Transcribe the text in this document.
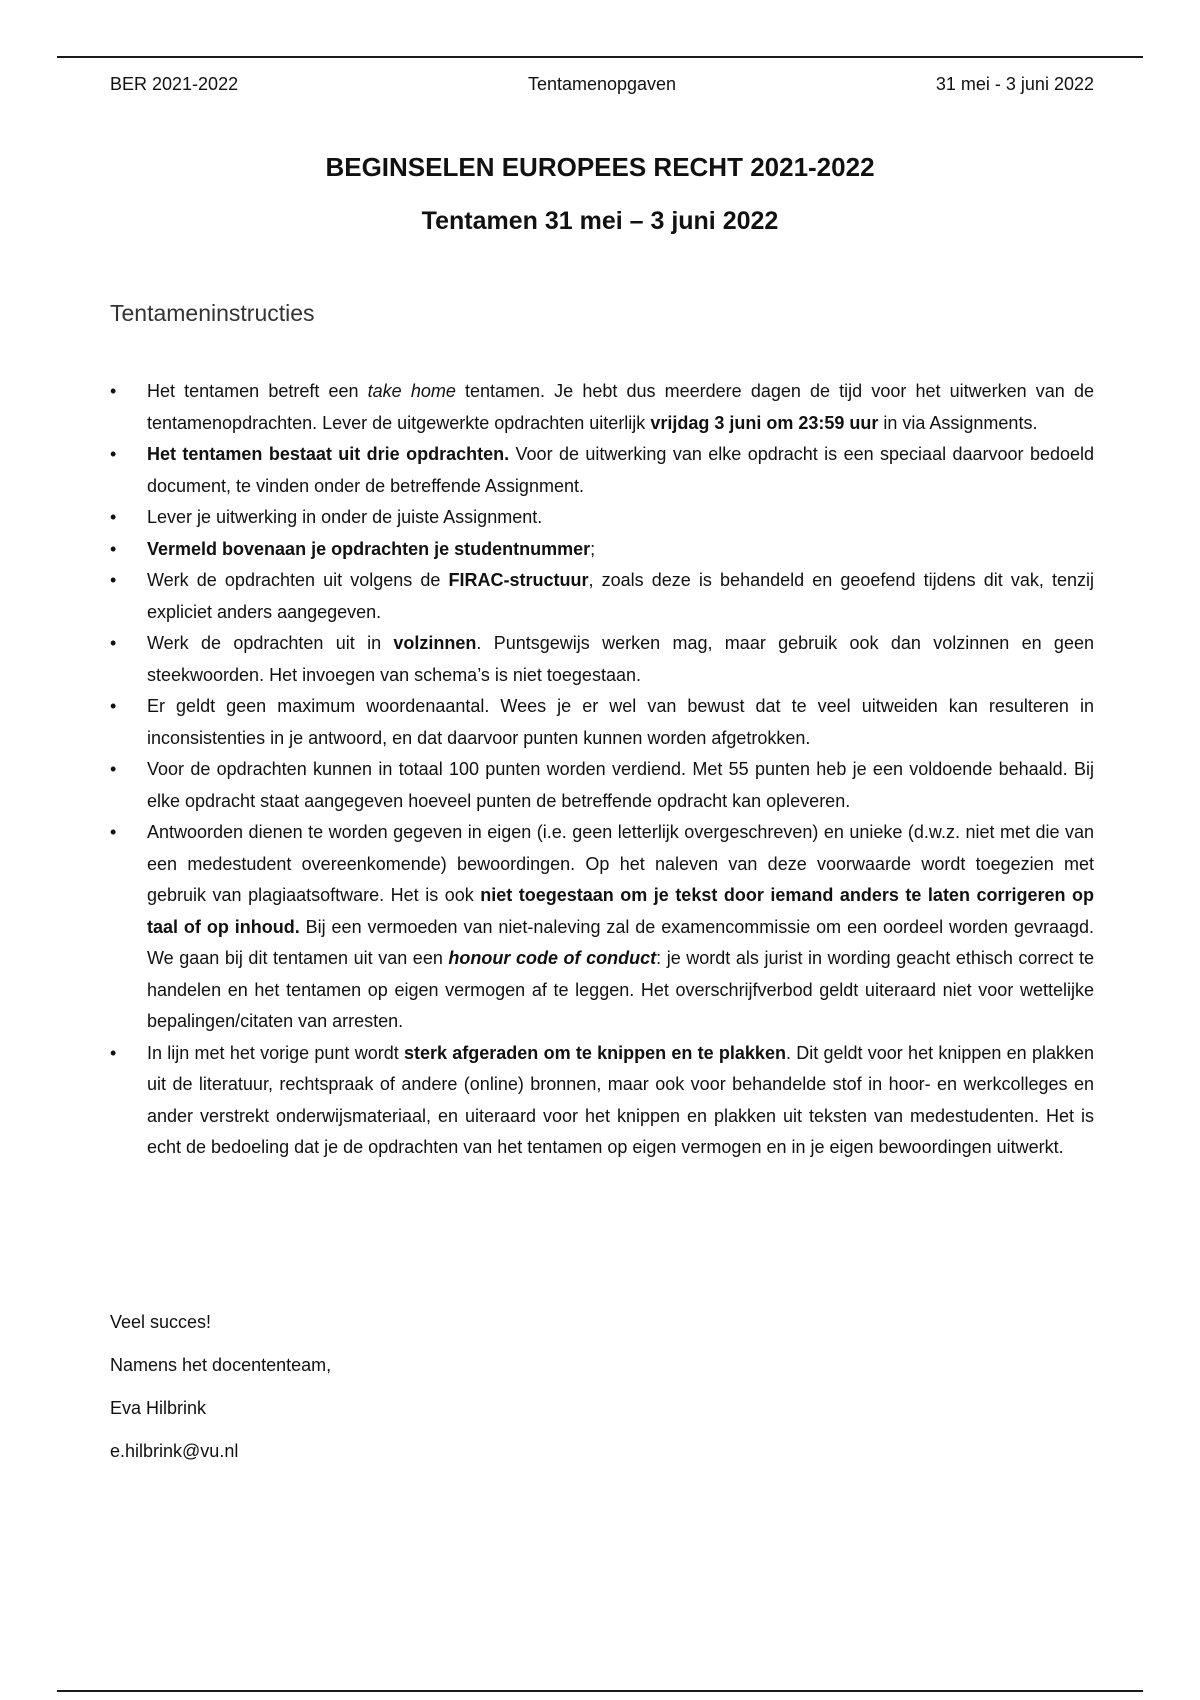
BER 2021-2022	Tentamenopgaven	31 mei - 3 juni 2022
BEGINSELEN EUROPEES RECHT 2021-2022
Tentamen 31 mei – 3 juni 2022
Tentameninstructies
• Het tentamen betreft een take home tentamen. Je hebt dus meerdere dagen de tijd voor het uitwerken van de tentamenopdrachten. Lever de uitgewerkte opdrachten uiterlijk vrijdag 3 juni om 23:59 uur in via Assignments.
• Het tentamen bestaat uit drie opdrachten. Voor de uitwerking van elke opdracht is een speciaal daarvoor bedoeld document, te vinden onder de betreffende Assignment.
• Lever je uitwerking in onder de juiste Assignment.
• Vermeld bovenaan je opdrachten je studentnummer;
• Werk de opdrachten uit volgens de FIRAC-structuur, zoals deze is behandeld en geoefend tijdens dit vak, tenzij expliciet anders aangegeven.
• Werk de opdrachten uit in volzinnen. Puntsgewijs werken mag, maar gebruik ook dan volzinnen en geen steekwoorden. Het invoegen van schema’s is niet toegestaan.
• Er geldt geen maximum woordenaantal. Wees je er wel van bewust dat te veel uitweiden kan resulteren in inconsistenties in je antwoord, en dat daarvoor punten kunnen worden afgetrokken.
• Voor de opdrachten kunnen in totaal 100 punten worden verdiend. Met 55 punten heb je een voldoende behaald. Bij elke opdracht staat aangegeven hoeveel punten de betreffende opdracht kan opleveren.
• Antwoorden dienen te worden gegeven in eigen (i.e. geen letterlijk overgeschreven) en unieke (d.w.z. niet met die van een medestudent overeenkomende) bewoordingen. Op het naleven van deze voorwaarde wordt toegezien met gebruik van plagiaatsoftware. Het is ook niet toegestaan om je tekst door iemand anders te laten corrigeren op taal of op inhoud. Bij een vermoeden van niet-naleving zal de examencommissie om een oordeel worden gevraagd. We gaan bij dit tentamen uit van een honour code of conduct: je wordt als jurist in wording geacht ethisch correct te handelen en het tentamen op eigen vermogen af te leggen. Het overschrijfverbod geldt uiteraard niet voor wettelijke bepalingen/citaten van arresten.
• In lijn met het vorige punt wordt sterk afgeraden om te knippen en te plakken. Dit geldt voor het knippen en plakken uit de literatuur, rechtspraak of andere (online) bronnen, maar ook voor behandelde stof in hoor- en werkcolleges en ander verstrekt onderwijsmateriaal, en uiteraard voor het knippen en plakken uit teksten van medestudenten. Het is echt de bedoeling dat je de opdrachten van het tentamen op eigen vermogen en in je eigen bewoordingen uitwerkt.
Veel succes!
Namens het docententeam,
Eva Hilbrink
e.hilbrink@vu.nl
